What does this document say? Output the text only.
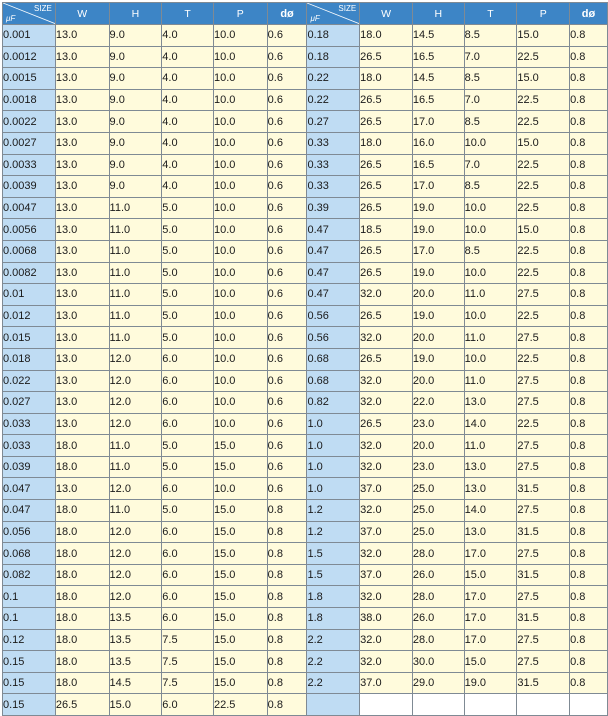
SIZE
μF	W	H	T	P	dø	SIZE
μF	W	H	T	P	dø
0.001	13.0	9.0	4.0	10.0	0.6	0.18	18.0	14.5	8.5	15.0	0.8
0.0012	13.0	9.0	4.0	10.0	0.6	0.18	26.5	16.5	7.0	22.5	0.8
0.0015	13.0	9.0	4.0	10.0	0.6	0.22	18.0	14.5	8.5	15.0	0.8
0.0018	13.0	9.0	4.0	10.0	0.6	0.22	26.5	16.5	7.0	22.5	0.8
0.0022	13.0	9.0	4.0	10.0	0.6	0.27	26.5	17.0	8.5	22.5	0.8
0.0027	13.0	9.0	4.0	10.0	0.6	0.33	18.0	16.0	10.0	15.0	0.8
0.0033	13.0	9.0	4.0	10.0	0.6	0.33	26.5	16.5	7.0	22.5	0.8
0.0039	13.0	9.0	4.0	10.0	0.6	0.33	26.5	17.0	8.5	22.5	0.8
0.0047	13.0	11.0	5.0	10.0	0.6	0.39	26.5	19.0	10.0	22.5	0.8
0.0056	13.0	11.0	5.0	10.0	0.6	0.47	18.5	19.0	10.0	15.0	0.8
0.0068	13.0	11.0	5.0	10.0	0.6	0.47	26.5	17.0	8.5	22.5	0.8
0.0082	13.0	11.0	5.0	10.0	0.6	0.47	26.5	19.0	10.0	22.5	0.8
0.01	13.0	11.0	5.0	10.0	0.6	0.47	32.0	20.0	11.0	27.5	0.8
0.012	13.0	11.0	5.0	10.0	0.6	0.56	26.5	19.0	10.0	22.5	0.8
0.015	13.0	11.0	5.0	10.0	0.6	0.56	32.0	20.0	11.0	27.5	0.8
0.018	13.0	12.0	6.0	10.0	0.6	0.68	26.5	19.0	10.0	22.5	0.8
0.022	13.0	12.0	6.0	10.0	0.6	0.68	32.0	20.0	11.0	27.5	0.8
0.027	13.0	12.0	6.0	10.0	0.6	0.82	32.0	22.0	13.0	27.5	0.8
0.033	13.0	12.0	6.0	10.0	0.6	1.0	26.5	23.0	14.0	22.5	0.8
0.033	18.0	11.0	5.0	15.0	0.6	1.0	32.0	20.0	11.0	27.5	0.8
0.039	18.0	11.0	5.0	15.0	0.6	1.0	32.0	23.0	13.0	27.5	0.8
0.047	13.0	12.0	6.0	10.0	0.6	1.0	37.0	25.0	13.0	31.5	0.8
0.047	18.0	11.0	5.0	15.0	0.8	1.2	32.0	25.0	14.0	27.5	0.8
0.056	18.0	12.0	6.0	15.0	0.8	1.2	37.0	25.0	13.0	31.5	0.8
0.068	18.0	12.0	6.0	15.0	0.8	1.5	32.0	28.0	17.0	27.5	0.8
0.082	18.0	12.0	6.0	15.0	0.8	1.5	37.0	26.0	15.0	31.5	0.8
0.1	18.0	12.0	6.0	15.0	0.8	1.8	32.0	28.0	17.0	27.5	0.8
0.1	18.0	13.5	6.0	15.0	0.8	1.8	38.0	26.0	17.0	31.5	0.8
0.12	18.0	13.5	7.5	15.0	0.8	2.2	32.0	28.0	17.0	27.5	0.8
0.15	18.0	13.5	7.5	15.0	0.8	2.2	32.0	30.0	15.0	27.5	0.8
0.15	18.0	14.5	7.5	15.0	0.8	2.2	37.0	29.0	19.0	31.5	0.8
0.15	26.5	15.0	6.0	22.5	0.8						
